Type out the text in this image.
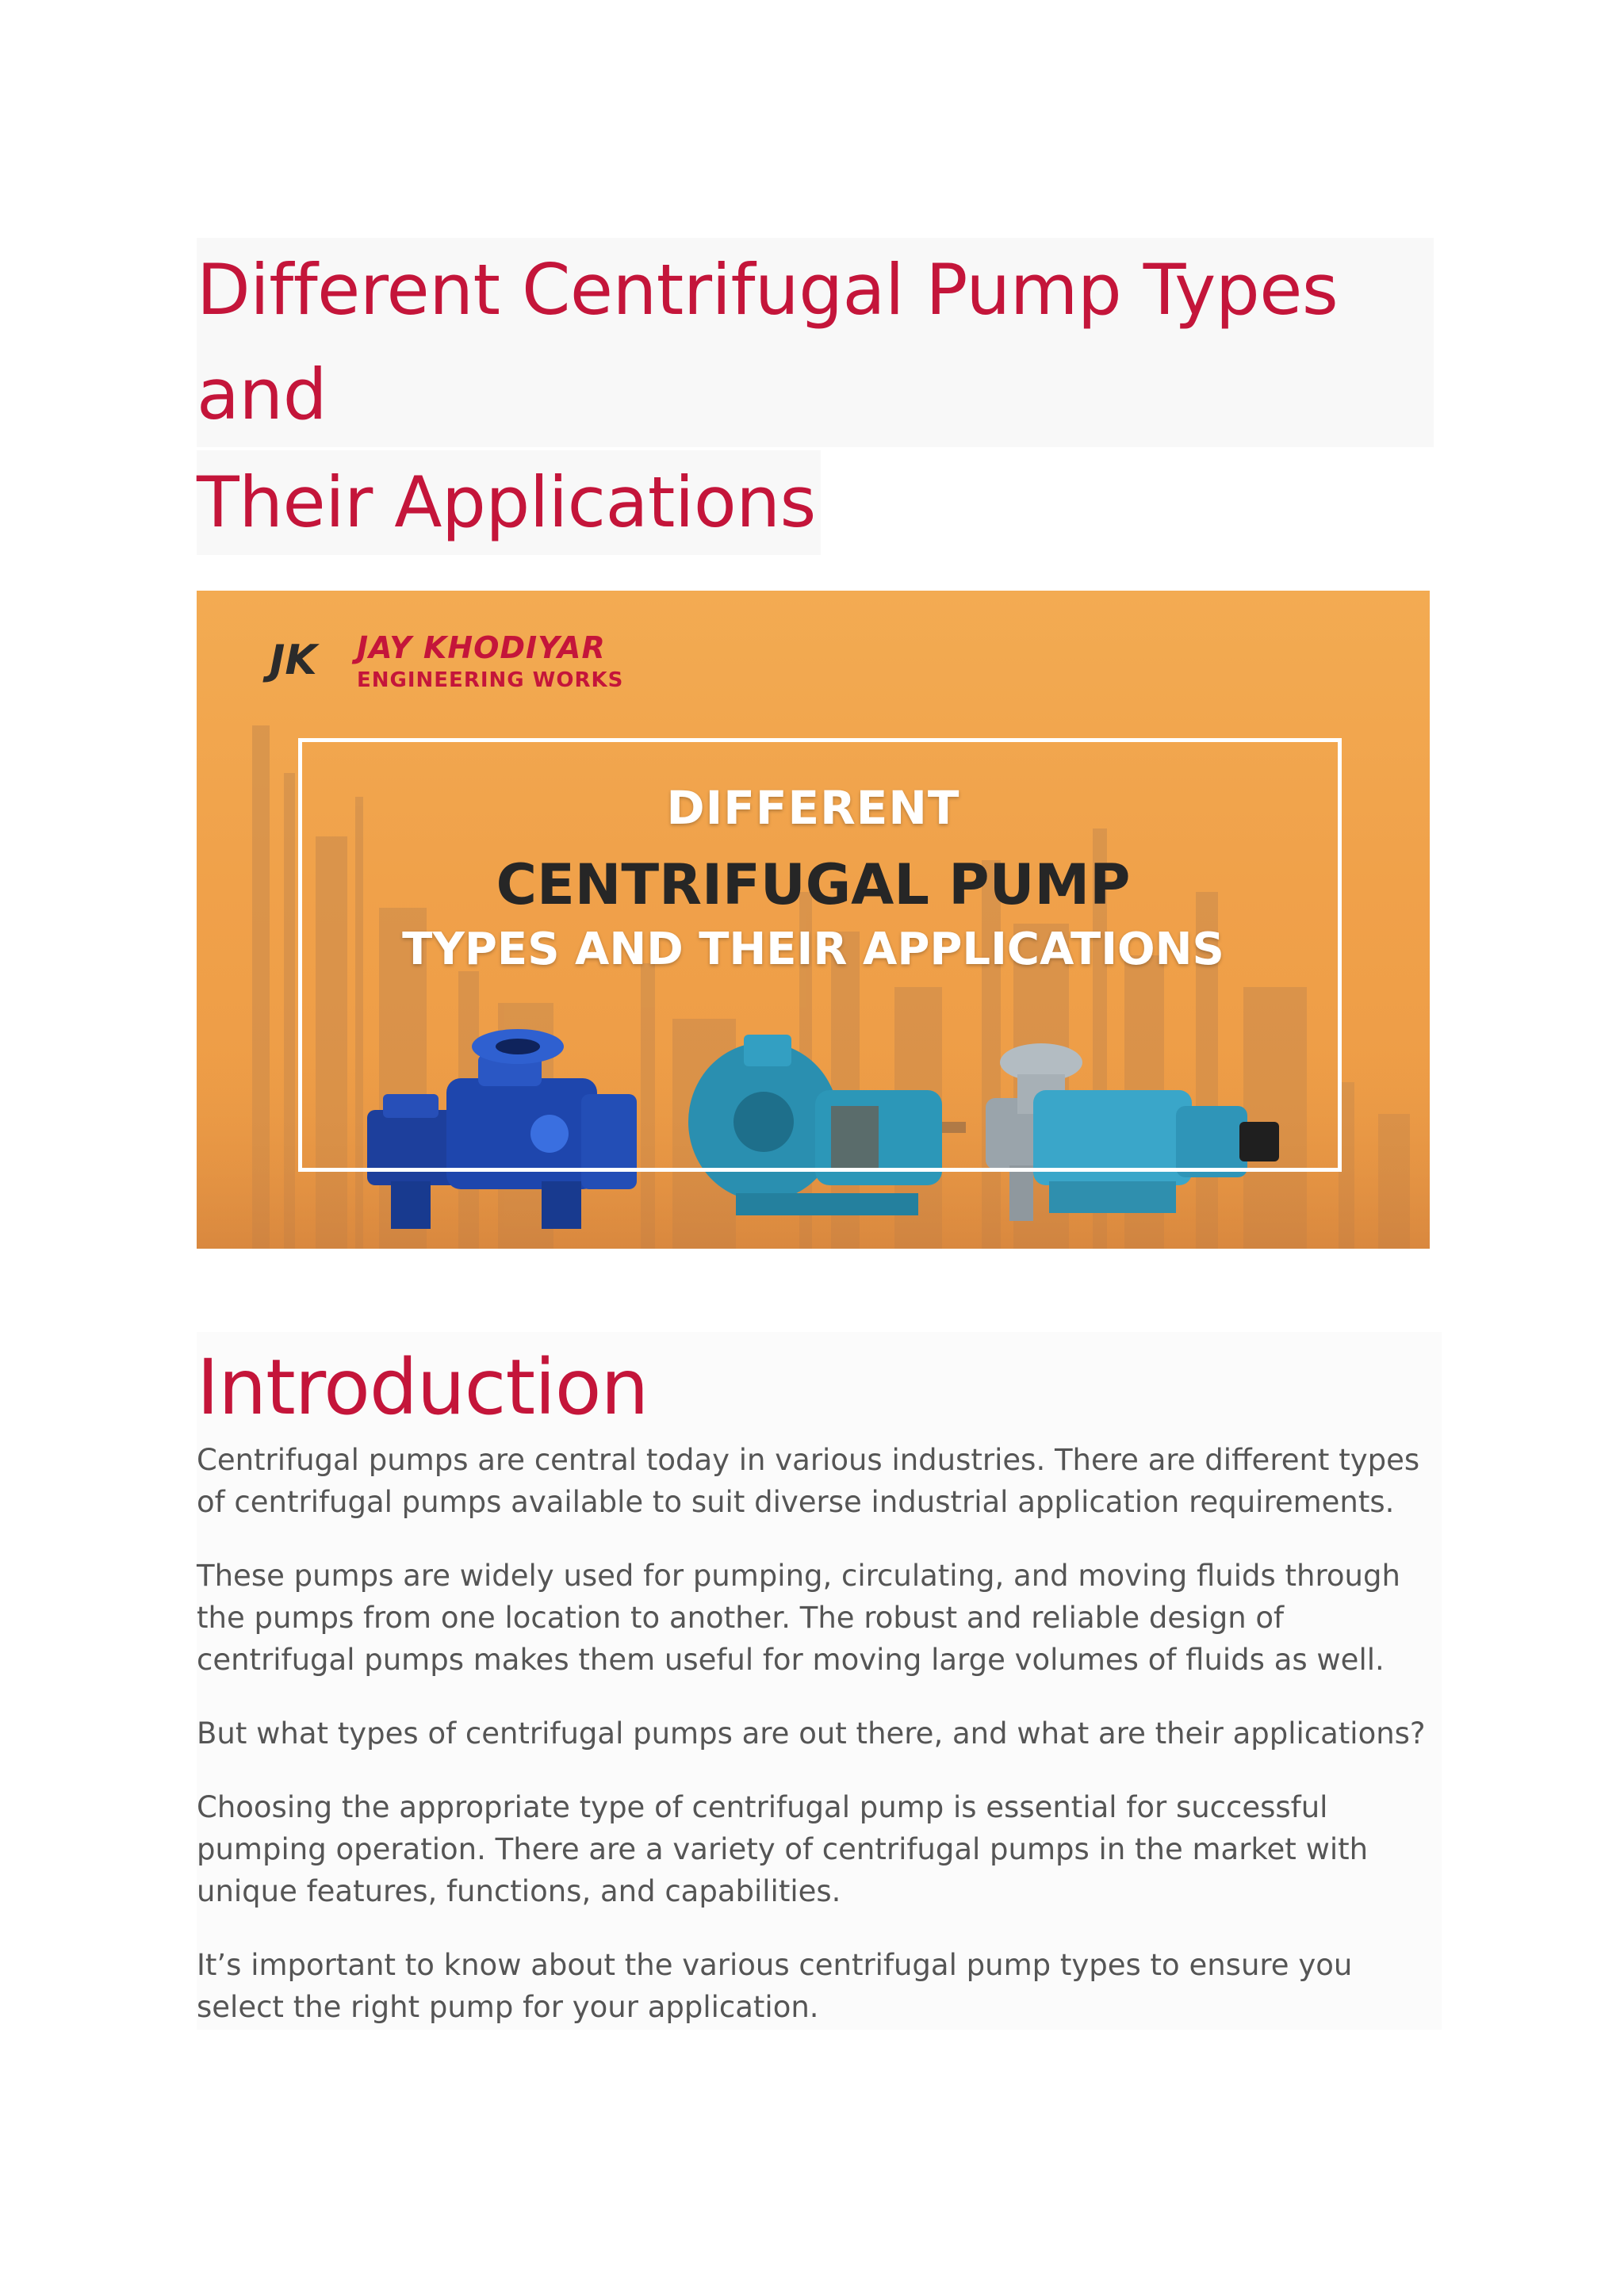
Different Centrifugal Pump Types and
Their Applications
JK JAY KHODIYAR
ENGINEERING WORKS
DIFFERENT
CENTRIFUGAL PUMP
TYPES AND THEIR APPLICATIONS
Introduction

Centrifugal pumps are central today in various industries. There are different types of centrifugal pumps available to suit diverse industrial application requirements.

These pumps are widely used for pumping, circulating, and moving fluids through the pumps from one location to another. The robust and reliable design of centrifugal pumps makes them useful for moving large volumes of fluids as well.

But what types of centrifugal pumps are out there, and what are their applications?

Choosing the appropriate type of centrifugal pump is essential for successful pumping operation. There are a variety of centrifugal pumps in the market with unique features, functions, and capabilities.

It’s important to know about the various centrifugal pump types to ensure you select the right pump for your application.
